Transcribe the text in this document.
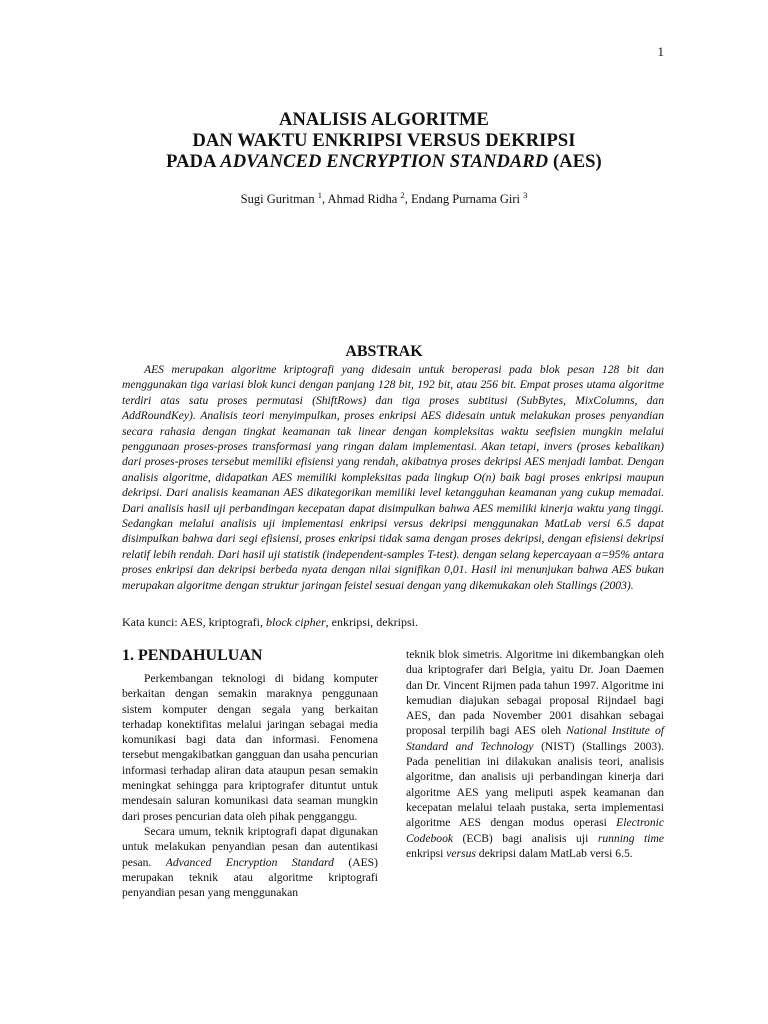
1
ANALISIS ALGORITME
DAN WAKTU ENKRIPSI VERSUS DEKRIPSI
PADA ADVANCED ENCRYPTION STANDARD (AES)
Sugi Guritman $^1$, Ahmad Ridha $^2$, Endang Purnama Giri $^3$
ABSTRAK

AES merupakan algoritme kriptografi yang didesain untuk beroperasi pada blok pesan 128 bit dan menggunakan tiga variasi blok kunci dengan panjang 128 bit, 192 bit, atau 256 bit. Empat proses utama algoritme terdiri atas satu proses permutasi (ShiftRows) dan tiga proses subtitusi (SubBytes, MixColumns, dan AddRoundKey). Analisis teori menyimpulkan, proses enkripsi AES didesain untuk melakukan proses penyandian secara rahasia dengan tingkat keamanan tak linear dengan kompleksitas waktu seefisien mungkin melalui penggunaan proses-proses transformasi yang ringan dalam implementasi. Akan tetapi, invers (proses kebalikan) dari proses-proses tersebut memiliki efisiensi yang rendah, akibatnya proses dekripsi AES menjadi lambat. Dengan analisis algoritme, didapatkan AES memiliki kompleksitas pada lingkup O(n) baik bagi proses enkripsi maupun dekripsi. Dari analisis keamanan AES dikategorikan memiliki level ketangguhan keamanan yang cukup memadai. Dari analisis hasil uji perbandingan kecepatan dapat disimpulkan bahwa AES memiliki kinerja waktu yang tinggi. Sedangkan melalui analisis uji implementasi enkripsi versus dekripsi menggunakan MatLab versi 6.5 dapat disimpulkan bahwa dari segi efisiensi, proses enkripsi tidak sama dengan proses dekripsi, dengan efisiensi dekripsi relatif lebih rendah. Dari hasil uji statistik (independent-samples T-test). dengan selang kepercayaan α=95% antara proses enkripsi dan dekripsi berbeda nyata dengan nilai signifikan 0,01. Hasil ini menunjukan bahwa AES bukan merupakan algoritme dengan struktur jaringan feistel sesuai dengan yang dikemukakan oleh Stallings (2003).

Kata kunci: AES, kriptografi, block cipher, enkripsi, dekripsi.

1. PENDAHULUAN

Perkembangan teknologi di bidang komputer berkaitan dengan semakin maraknya penggunaan sistem komputer dengan segala yang berkaitan terhadap konektifitas melalui jaringan sebagai media komunikasi bagi data dan informasi. Fenomena tersebut mengakibatkan gangguan dan usaha pencurian informasi terhadap aliran data ataupun pesan semakin meningkat sehingga para kriptografer dituntut untuk mendesain saluran komunikasi data seaman mungkin dari proses pencurian data oleh pihak pengganggu.

Secara umum, teknik kriptografi dapat digunakan untuk melakukan penyandian pesan dan autentikasi pesan. Advanced Encryption Standard (AES) merupakan teknik atau algoritme kriptografi penyandian pesan yang menggunakan

teknik blok simetris. Algoritme ini dikembangkan oleh dua kriptografer dari Belgia, yaitu Dr. Joan Daemen dan Dr. Vincent Rijmen pada tahun 1997. Algoritme ini kemudian diajukan sebagai proposal Rijndael bagi AES, dan pada November 2001 disahkan sebagai proposal terpilih bagi AES oleh National Institute of Standard and Technology (NIST) (Stallings 2003). Pada penelitian ini dilakukan analisis teori, analisis algoritme, dan analisis uji perbandingan kinerja dari algoritme AES yang meliputi aspek keamanan dan kecepatan melalui telaah pustaka, serta implementasi algoritme AES dengan modus operasi Electronic Codebook (ECB) bagi analisis uji running time enkripsi versus dekripsi dalam MatLab versi 6.5.
